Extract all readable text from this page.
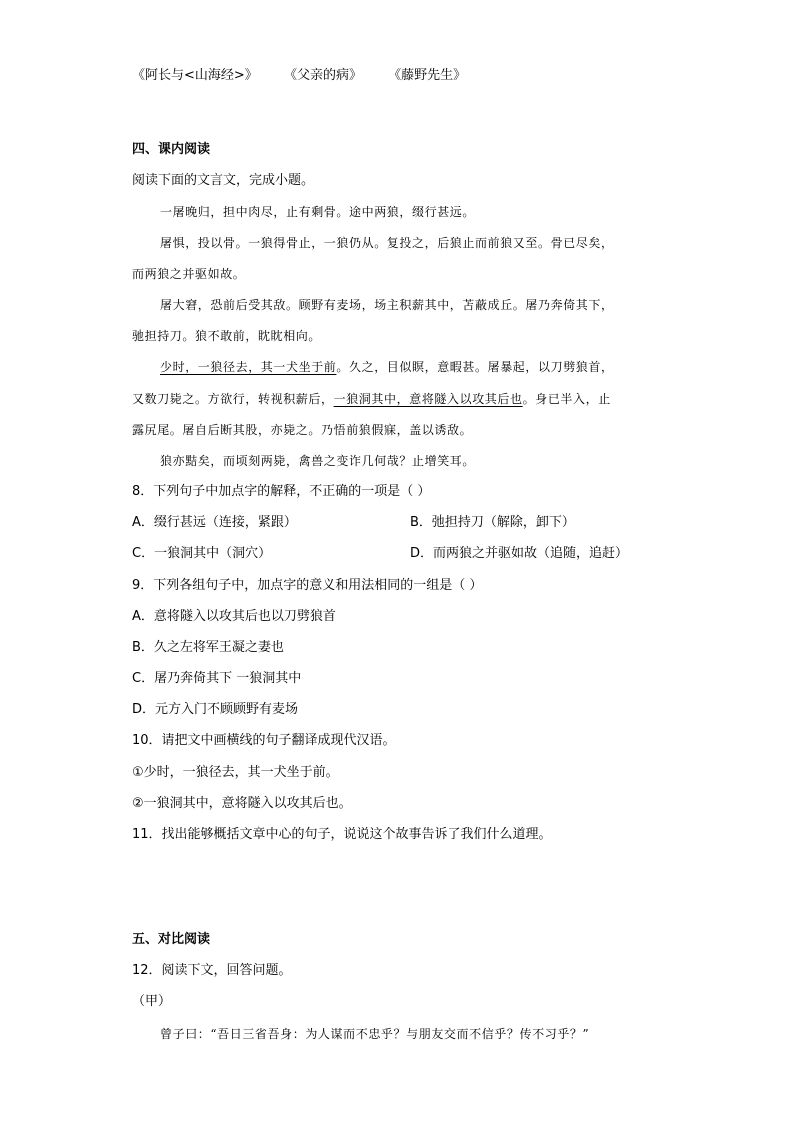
《阿长与<山海经>》 《父亲的病》 《藤野先生》
四、课内阅读
阅读下面的文言文，完成小题。
一屠晚归，担中肉尽，止有剩骨。途中两狼，缀行甚远。
屠惧，投以骨。一狼得骨止，一狼仍从。复投之，后狼止而前狼又至。骨已尽矣，
而两狼之并驱如故。
屠大窘，恐前后受其敌。顾野有麦场，场主积薪其中，苫蔽成丘。屠乃奔倚其下，
驰担持刀。狼不敢前，眈眈相向。
少时，一狼径去，其一犬坐于前。久之，目似瞑，意暇甚。屠暴起，以刀劈狼首，
又数刀毙之。方欲行，转视积薪后，一狼洞其中，意将隧入以攻其后也。身已半入，止
露尻尾。屠自后断其股，亦毙之。乃悟前狼假寐，盖以诱敌。
狼亦黠矣，而顷刻两毙，禽兽之变诈几何哉？止增笑耳。
8．下列句子中加点字的解释，不正确的一项是（ ）
A．缀行甚远（连接，紧跟）	B．弛担持刀（解除，卸下）
C．一狼洞其中（洞穴）	D．而两狼之并驱如故（追随，追赶）
9．下列各组句子中，加点字的意义和用法相同的一组是（ ）
A．意将隧入以攻其后也以刀劈狼首
B．久之左将军王凝之妻也
C．屠乃奔倚其下 一狼洞其中
D．元方入门不顾顾野有麦场
10．请把文中画横线的句子翻译成现代汉语。
①少时，一狼径去，其一犬坐于前。
②一狼洞其中，意将隧入以攻其后也。
11．找出能够概括文章中心的句子，说说这个故事告诉了我们什么道理。
五、对比阅读
12．阅读下文，回答问题。
（甲）
曾子曰：“吾日三省吾身：为人谋而不忠乎？与朋友交而不信乎？传不习乎？”
